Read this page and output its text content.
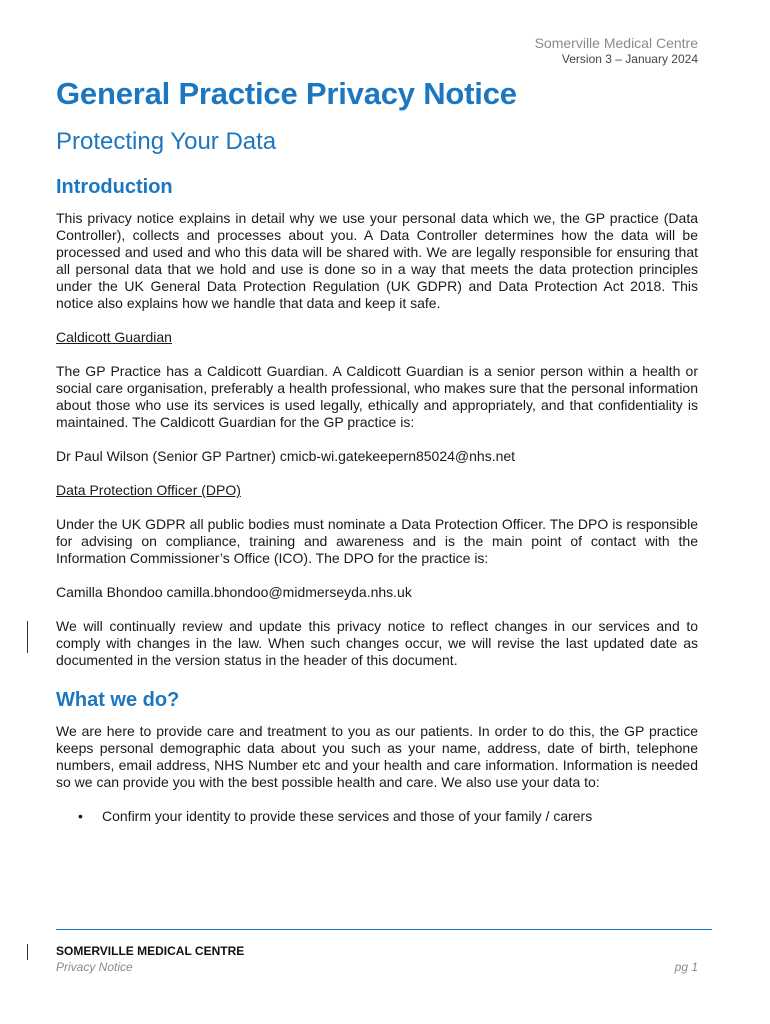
Somerville Medical Centre
Version 3 – January 2024
General Practice Privacy Notice
Protecting Your Data
Introduction

This privacy notice explains in detail why we use your personal data which we, the GP practice (Data Controller), collects and processes about you. A Data Controller determines how the data will be processed and used and who this data will be shared with. We are legally responsible for ensuring that all personal data that we hold and use is done so in a way that meets the data protection principles under the UK General Data Protection Regulation (UK GDPR) and Data Protection Act 2018. This notice also explains how we handle that data and keep it safe.

Caldicott Guardian

The GP Practice has a Caldicott Guardian. A Caldicott Guardian is a senior person within a health or social care organisation, preferably a health professional, who makes sure that the personal information about those who use its services is used legally, ethically and appropriately, and that confidentiality is maintained. The Caldicott Guardian for the GP practice is:

Dr Paul Wilson (Senior GP Partner) cmicb-wi.gatekeepern85024@nhs.net

Data Protection Officer (DPO)

Under the UK GDPR all public bodies must nominate a Data Protection Officer. The DPO is responsible for advising on compliance, training and awareness and is the main point of contact with the Information Commissioner’s Office (ICO). The DPO for the practice is:

Camilla Bhondoo camilla.bhondoo@midmerseyda.nhs.uk

We will continually review and update this privacy notice to reflect changes in our services and to comply with changes in the law. When such changes occur, we will revise the last updated date as documented in the version status in the header of this document.

What we do?

We are here to provide care and treatment to you as our patients. In order to do this, the GP practice keeps personal demographic data about you such as your name, address, date of birth, telephone numbers, email address, NHS Number etc and your health and care information. Information is needed so we can provide you with the best possible health and care. We also use your data to:

• Confirm your identity to provide these services and those of your family / carers
SOMERVILLE MEDICAL CENTRE
Privacy Notice	pg 1
